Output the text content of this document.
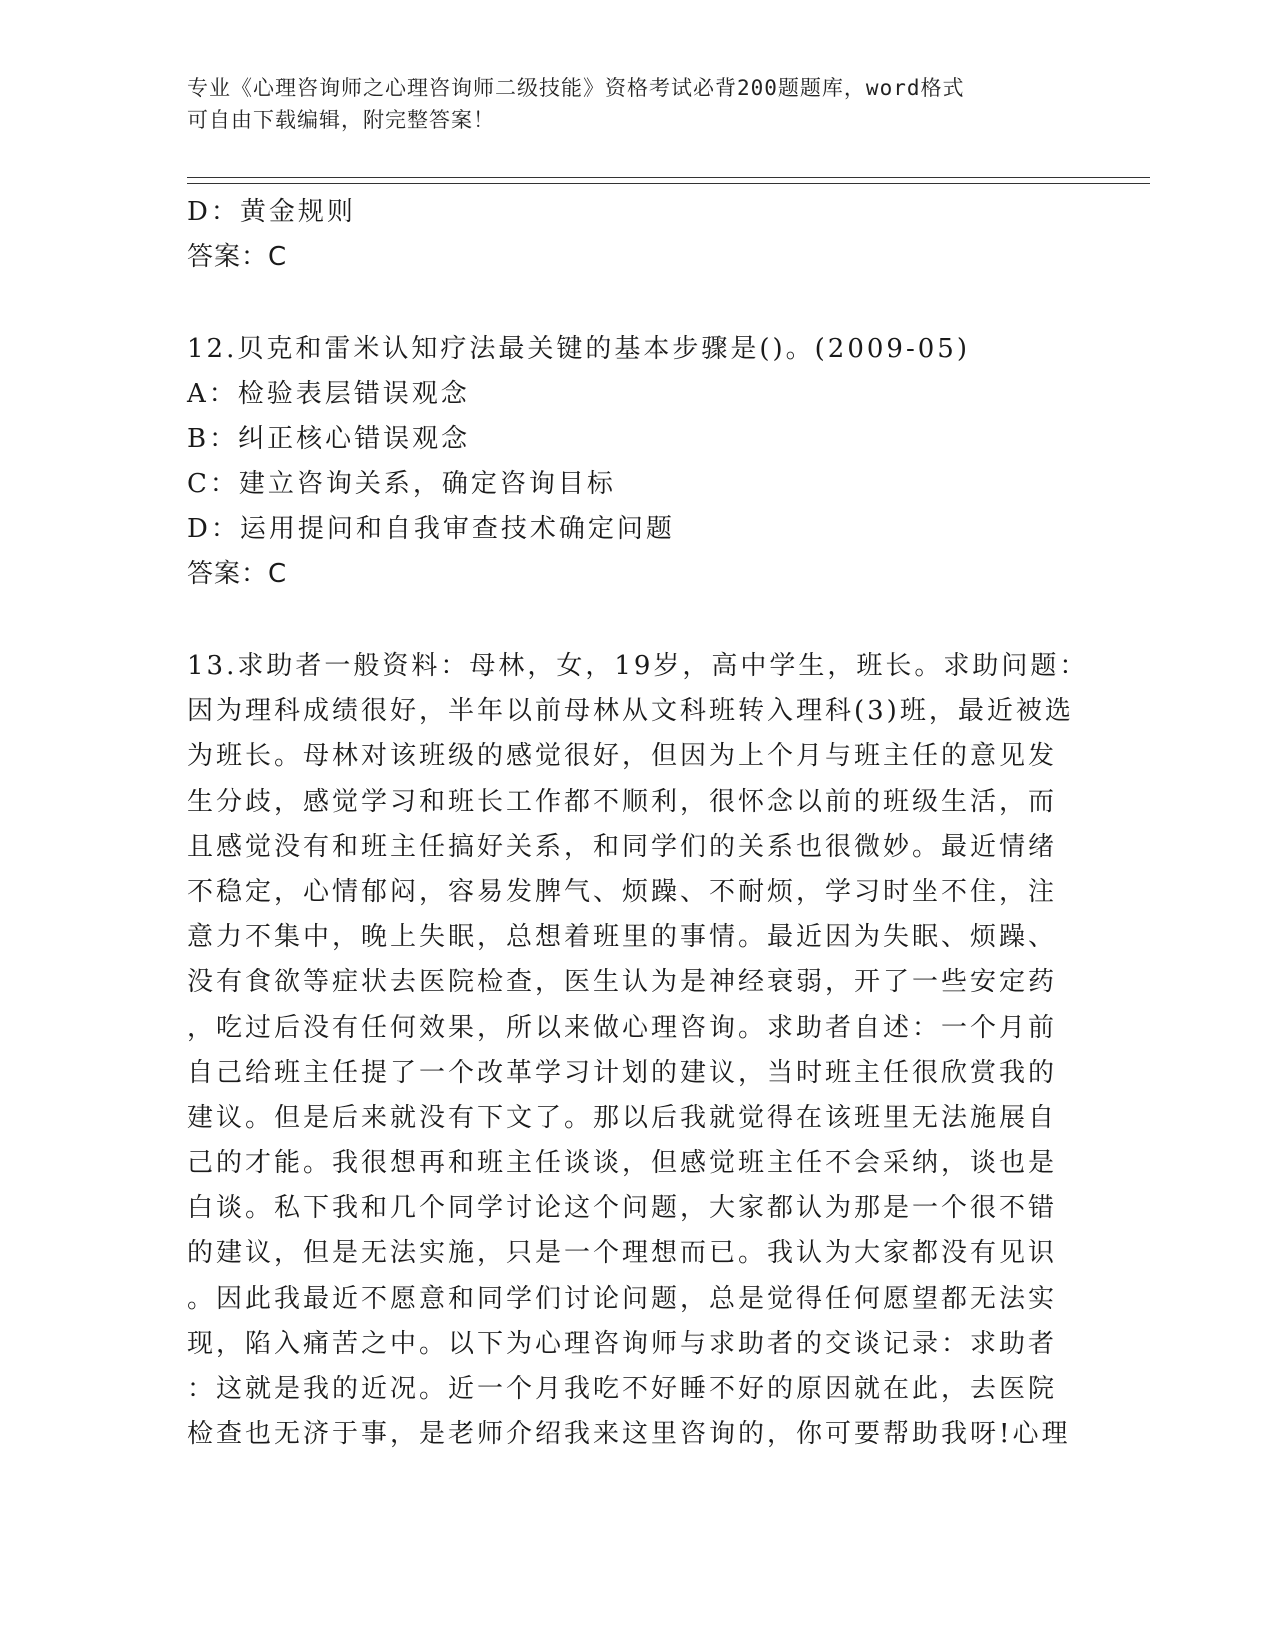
专业《心理咨询师之心理咨询师二级技能》资格考试必背200题题库，word格式
可自由下载编辑，附完整答案！
D：黄金规则
答案：C
12.贝克和雷米认知疗法最关键的基本步骤是()。(2009-05)
A：检验表层错误观念
B：纠正核心错误观念
C：建立咨询关系，确定咨询目标
D：运用提问和自我审查技术确定问题
答案：C
13.求助者一般资料：母林，女，19岁，高中学生，班长。求助问题：
因为理科成绩很好，半年以前母林从文科班转入理科(3)班，最近被选
为班长。母林对该班级的感觉很好，但因为上个月与班主任的意见发
生分歧，感觉学习和班长工作都不顺利，很怀念以前的班级生活，而
且感觉没有和班主任搞好关系，和同学们的关系也很微妙。最近情绪
不稳定，心情郁闷，容易发脾气、烦躁、不耐烦，学习时坐不住，注
意力不集中，晚上失眠，总想着班里的事情。最近因为失眠、烦躁、
没有食欲等症状去医院检查，医生认为是神经衰弱，开了一些安定药
，吃过后没有任何效果，所以来做心理咨询。求助者自述：一个月前
自己给班主任提了一个改革学习计划的建议，当时班主任很欣赏我的
建议。但是后来就没有下文了。那以后我就觉得在该班里无法施展自
己的才能。我很想再和班主任谈谈，但感觉班主任不会采纳，谈也是
白谈。私下我和几个同学讨论这个问题，大家都认为那是一个很不错
的建议，但是无法实施，只是一个理想而已。我认为大家都没有见识
。因此我最近不愿意和同学们讨论问题，总是觉得任何愿望都无法实
现，陷入痛苦之中。以下为心理咨询师与求助者的交谈记录：求助者
：这就是我的近况。近一个月我吃不好睡不好的原因就在此，去医院
检查也无济于事，是老师介绍我来这里咨询的，你可要帮助我呀!心理
